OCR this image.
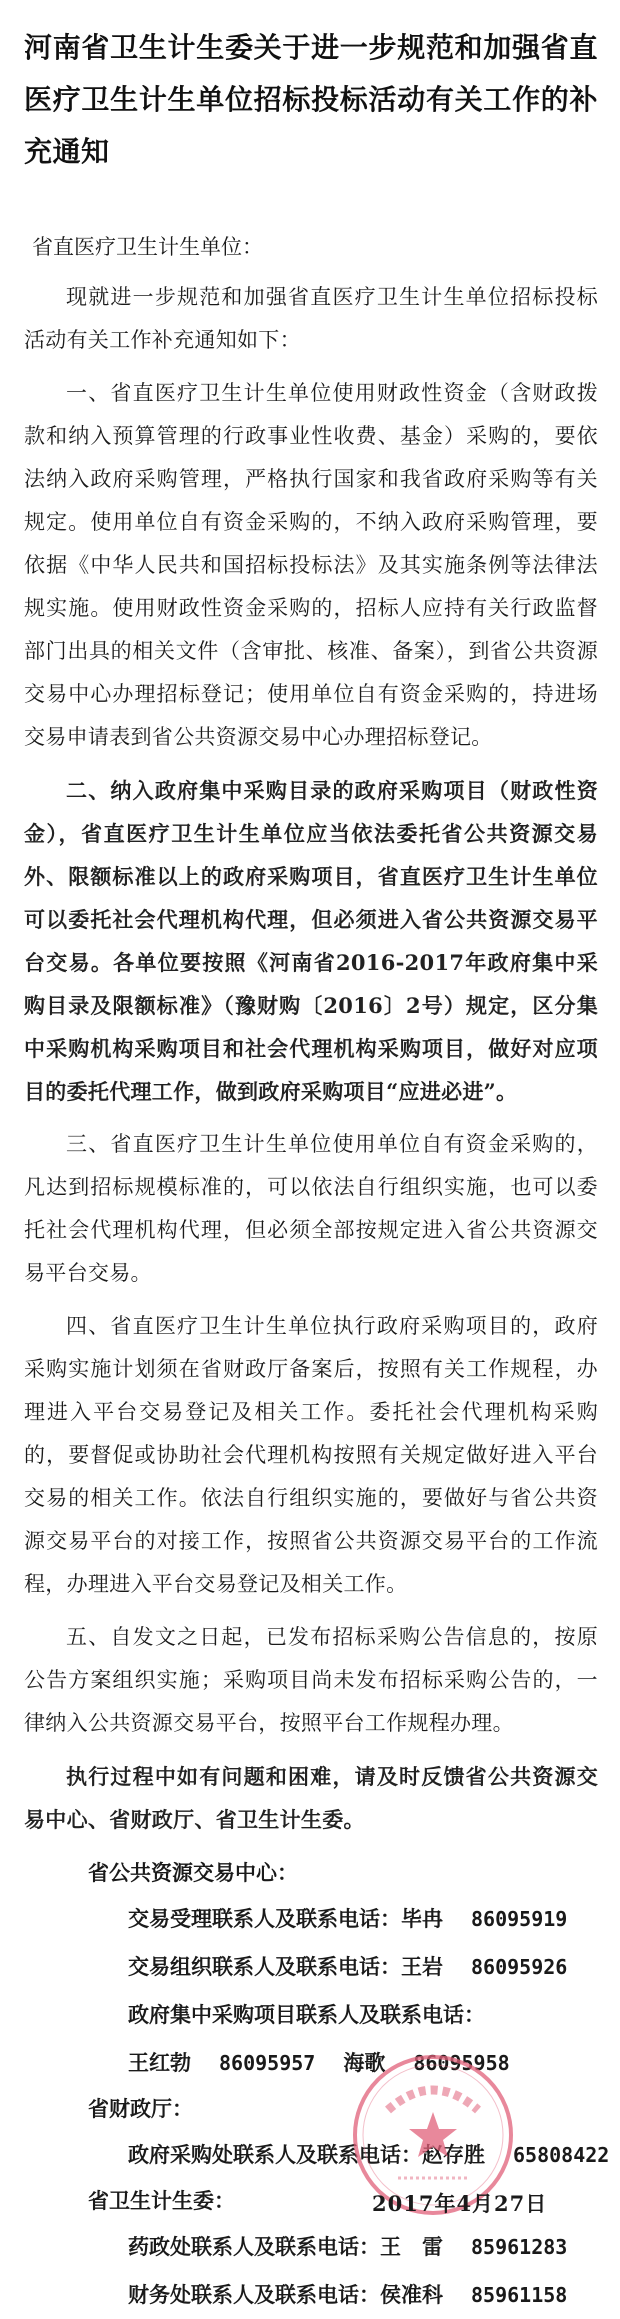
河南省卫生计生委关于进一步规范和加强省直医疗卫生计生单位招标投标活动有关工作的补充通知
省直医疗卫生计生单位：
现就进一步规范和加强省直医疗卫生计生单位招标投标活动有关工作补充通知如下：
一、省直医疗卫生计生单位使用财政性资金（含财政拨款和纳入预算管理的行政事业性收费、基金）采购的，要依法纳入政府采购管理，严格执行国家和我省政府采购等有关规定。使用单位自有资金采购的，不纳入政府采购管理，要依据《中华人民共和国招标投标法》及其实施条例等法律法规实施。使用财政性资金采购的，招标人应持有关行政监督部门出具的相关文件（含审批、核准、备案），到省公共资源交易中心办理招标登记；使用单位自有资金采购的，持进场交易申请表到省公共资源交易中心办理招标登记。
二、纳入政府集中采购目录的政府采购项目（财政性资金），省直医疗卫生计生单位应当依法委托省公共资源交易外、限额标准以上的政府采购项目，省直医疗卫生计生单位可以委托社会代理机构代理，但必须进入省公共资源交易平台交易。各单位要按照《河南省2016-2017年政府集中采购目录及限额标准》（豫财购〔2016〕2号）规定，区分集中采购机构采购项目和社会代理机构采购项目，做好对应项目的委托代理工作，做到政府采购项目“应进必进”。
三、省直医疗卫生计生单位使用单位自有资金采购的，凡达到招标规模标准的，可以依法自行组织实施，也可以委托社会代理机构代理，但必须全部按规定进入省公共资源交易平台交易。
四、省直医疗卫生计生单位执行政府采购项目的，政府采购实施计划须在省财政厅备案后，按照有关工作规程，办理进入平台交易登记及相关工作。委托社会代理机构采购的，要督促或协助社会代理机构按照有关规定做好进入平台交易的相关工作。依法自行组织实施的，要做好与省公共资源交易平台的对接工作，按照省公共资源交易平台的工作流程，办理进入平台交易登记及相关工作。
五、自发文之日起，已发布招标采购公告信息的，按原公告方案组织实施；采购项目尚未发布招标采购公告的，一律纳入公共资源交易平台，按照平台工作规程办理。
执行过程中如有问题和困难，请及时反馈省公共资源交易中心、省财政厅、省卫生计生委。
省公共资源交易中心：
交易受理联系人及联系电话：毕冉 86095919
交易组织联系人及联系电话：王岩 86095926
政府集中采购项目联系人及联系电话：
王红勃 86095957 海歌 86095958
省财政厅：
政府采购处联系人及联系电话：赵存胜 65808422
省卫生计生委：
药政处联系人及联系电话：王　雷 85961283
财务处联系人及联系电话：侯准科 85961158
2017年4月27日
